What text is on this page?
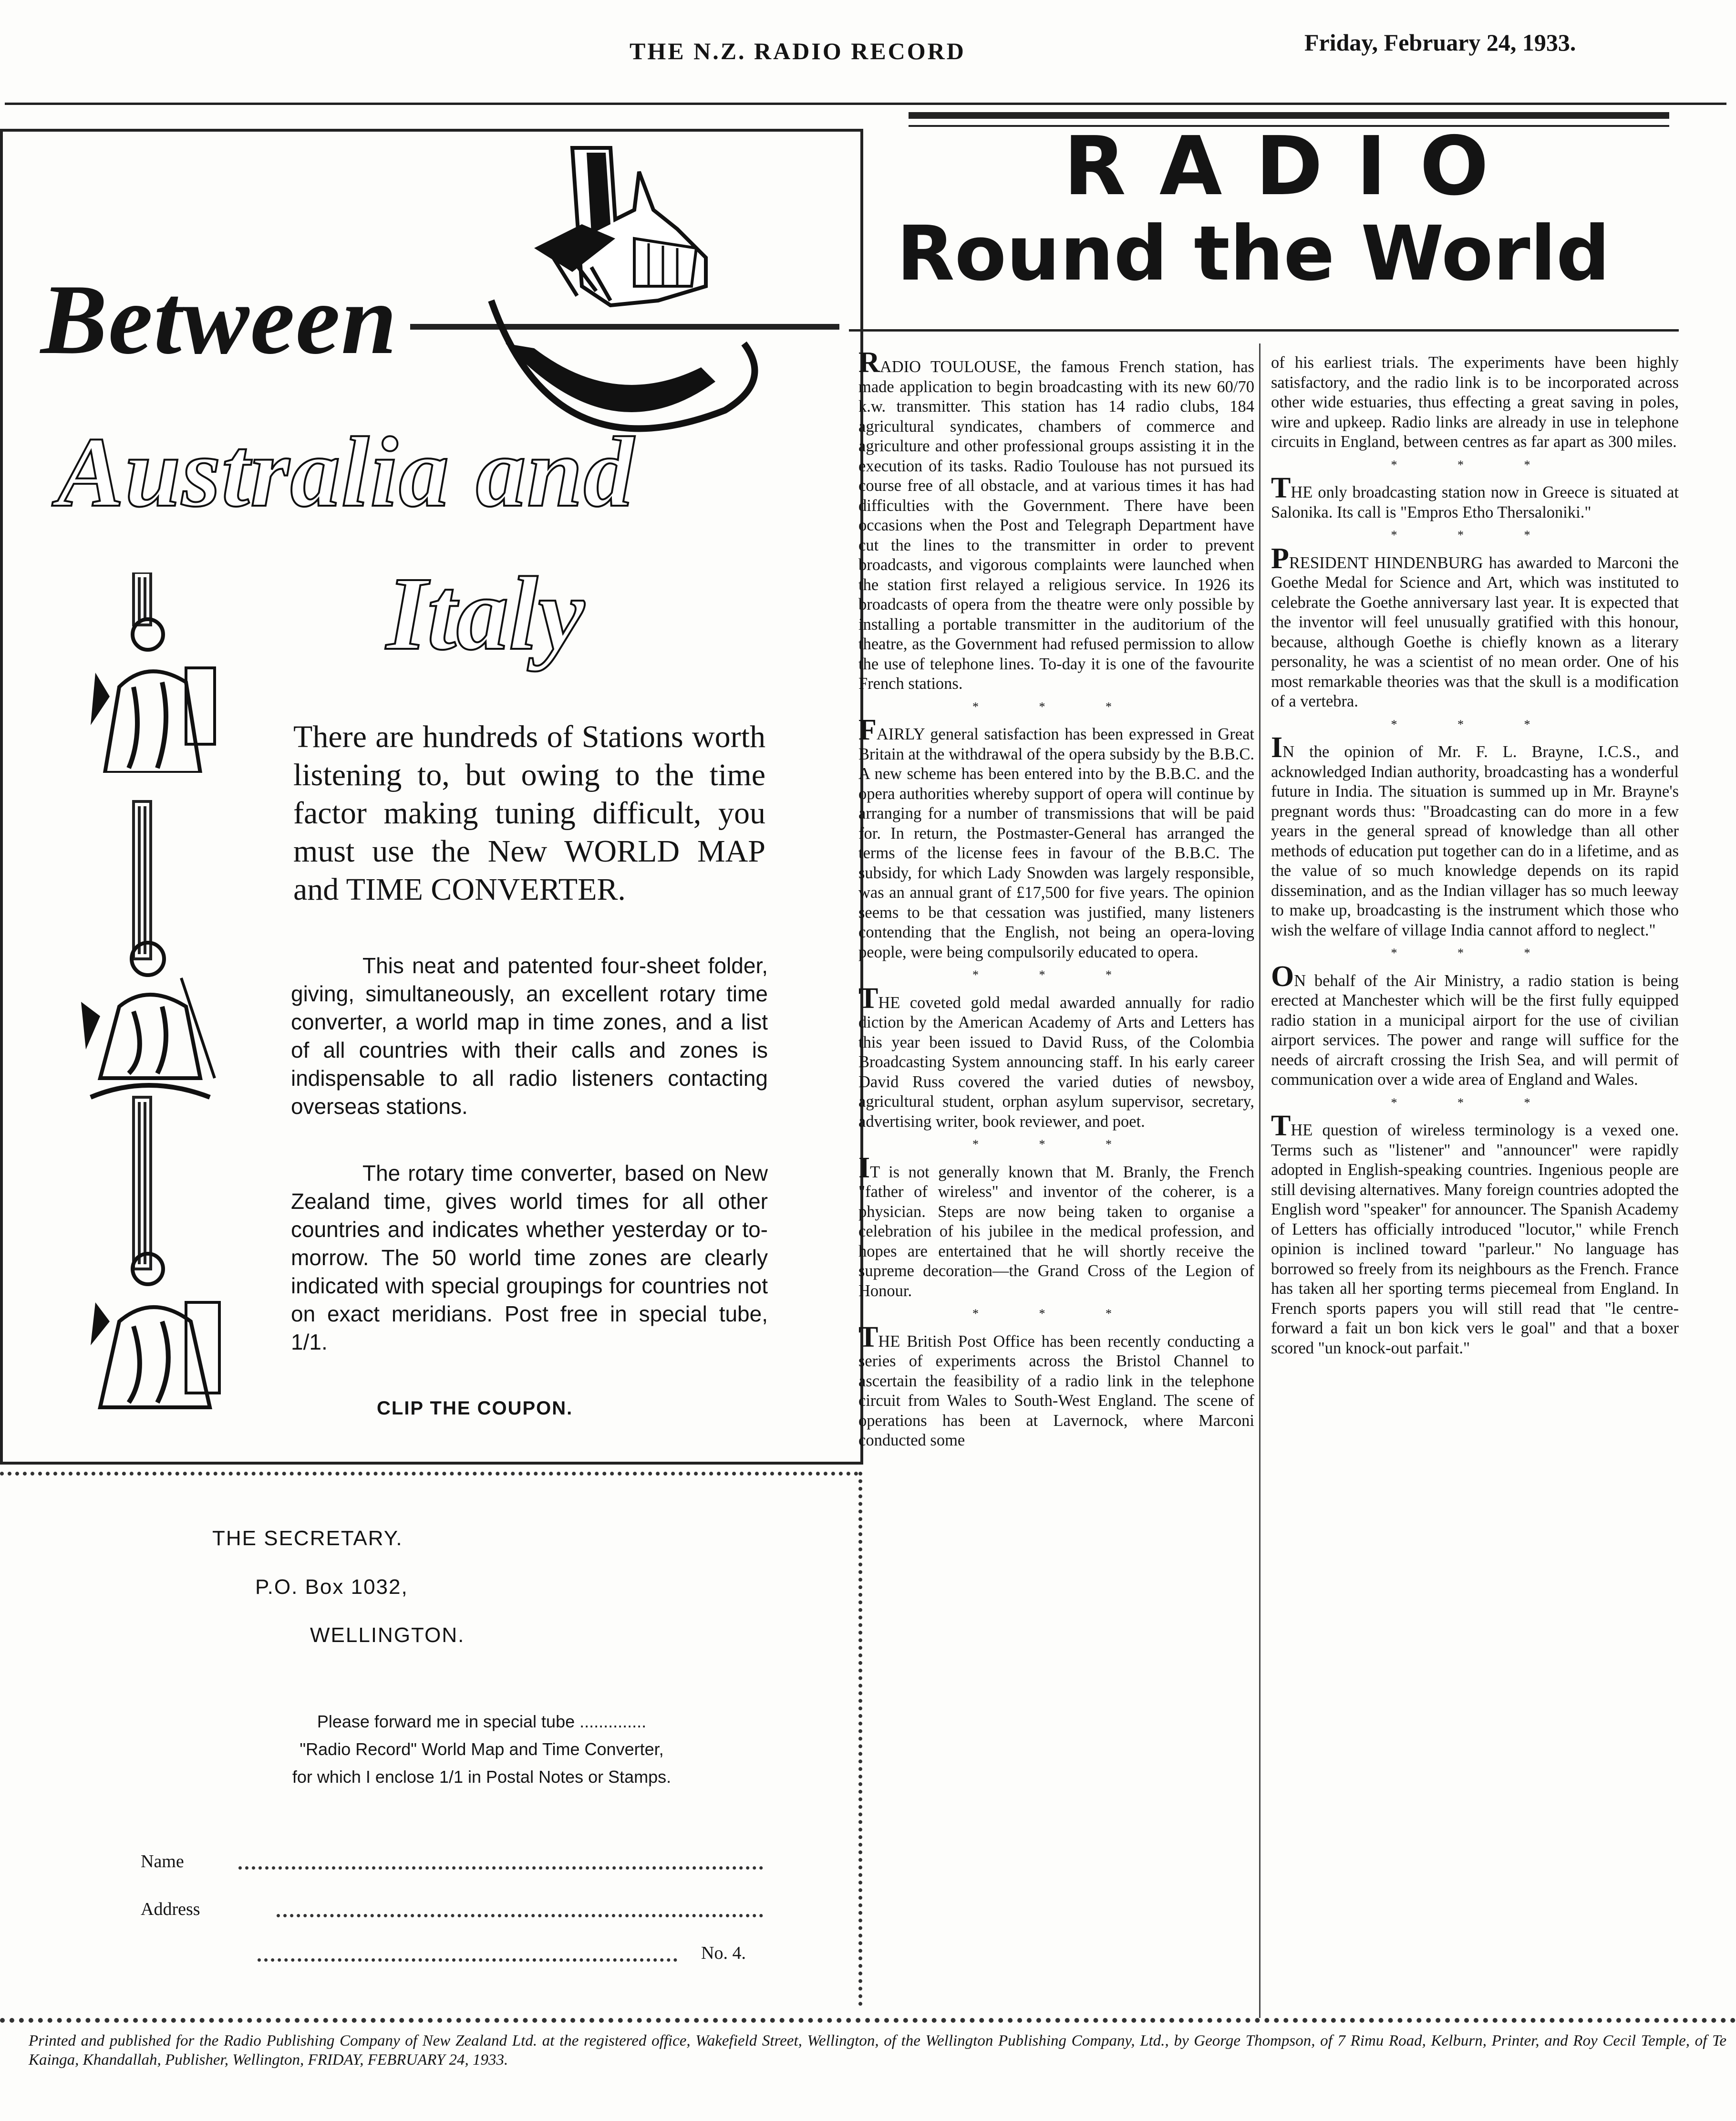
THE N.Z. RADIO RECORD	Friday, February 24, 1933.
Between
Australia and
Italy
There are hundreds of Stations worth listening to, but owing to the time factor making tuning difficult, you must use the New WORLD MAP and TIME CONVERTER.
This neat and patented four-sheet folder, giving, simultaneously, an excellent rotary time converter, a world map in time zones, and a list of all countries with their calls and zones is indispensable to all radio listeners contacting overseas stations.
The rotary time converter, based on New Zealand time, gives world times for all other countries and indicates whether yesterday or to-morrow. The 50 world time zones are clearly indicated with special groupings for countries not on exact meridians. Post free in special tube, 1/1.
CLIP THE COUPON.
THE SECRETARY.
P.O. Box 1032,
WELLINGTON.
Please forward me in special tube ..............
"Radio Record" World Map and Time Converter,
for which I enclose 1/1 in Postal Notes or Stamps.
Name
Address
No. 4.
RADIO
Round the World

RADIO TOULOUSE, the famous French station, has made application to begin broadcasting with its new 60/70 k.w. transmitter. This station has 14 radio clubs, 184 agricultural syndicates, chambers of commerce and agriculture and other professional groups assisting it in the execution of its tasks. Radio Toulouse has not pursued its course free of all obstacle, and at various times it has had difficulties with the Government. There have been occasions when the Post and Telegraph Department have cut the lines to the transmitter in order to prevent broadcasts, and vigorous complaints were launched when the station first relayed a religious service. In 1926 its broadcasts of opera from the theatre were only possible by installing a portable transmitter in the auditorium of the theatre, as the Government had refused permission to allow the use of telephone lines. To-day it is one of the favourite French stations.

* * *

FAIRLY general satisfaction has been expressed in Great Britain at the withdrawal of the opera subsidy by the B.B.C. A new scheme has been entered into by the B.B.C. and the opera authorities whereby support of opera will continue by arranging for a number of transmissions that will be paid for. In return, the Postmaster-General has arranged the terms of the license fees in favour of the B.B.C. The subsidy, for which Lady Snowden was largely responsible, was an annual grant of £17,500 for five years. The opinion seems to be that cessation was justified, many listeners contending that the English, not being an opera-loving people, were being compulsorily educated to opera.

* * *

THE coveted gold medal awarded annually for radio diction by the American Academy of Arts and Letters has this year been issued to David Russ, of the Colombia Broadcasting System announcing staff. In his early career David Russ covered the varied duties of newsboy, agricultural student, orphan asylum supervisor, secretary, advertising writer, book reviewer, and poet.

* * *

IT is not generally known that M. Branly, the French "father of wireless" and inventor of the coherer, is a physician. Steps are now being taken to organise a celebration of his jubilee in the medical profession, and hopes are entertained that he will shortly receive the supreme decoration—the Grand Cross of the Legion of Honour.

* * *

THE British Post Office has been recently conducting a series of experiments across the Bristol Channel to ascertain the feasibility of a radio link in the telephone circuit from Wales to South-West England. The scene of operations has been at Lavernock, where Marconi conducted some

of his earliest trials. The experiments have been highly satisfactory, and the radio link is to be incorporated across other wide estuaries, thus effecting a great saving in poles, wire and upkeep. Radio links are already in use in telephone circuits in England, between centres as far apart as 300 miles.

* * *

THE only broadcasting station now in Greece is situated at Salonika. Its call is "Empros Etho Thersaloniki."

* * *

PRESIDENT HINDENBURG has awarded to Marconi the Goethe Medal for Science and Art, which was instituted to celebrate the Goethe anniversary last year. It is expected that the inventor will feel unusually gratified with this honour, because, although Goethe is chiefly known as a literary personality, he was a scientist of no mean order. One of his most remarkable theories was that the skull is a modification of a vertebra.

* * *

IN the opinion of Mr. F. L. Brayne, I.C.S., and acknowledged Indian authority, broadcasting has a wonderful future in India. The situation is summed up in Mr. Brayne's pregnant words thus: "Broadcasting can do more in a few years in the general spread of knowledge than all other methods of education put together can do in a lifetime, and as the value of so much knowledge depends on its rapid dissemination, and as the Indian villager has so much leeway to make up, broadcasting is the instrument which those who wish the welfare of village India cannot afford to neglect."

* * *

ON behalf of the Air Ministry, a radio station is being erected at Manchester which will be the first fully equipped radio station in a municipal airport for the use of civilian airport services. The power and range will suffice for the needs of aircraft crossing the Irish Sea, and will permit of communication over a wide area of England and Wales.

* * *

THE question of wireless terminology is a vexed one. Terms such as "listener" and "announcer" were rapidly adopted in English-speaking countries. Ingenious people are still devising alternatives. Many foreign countries adopted the English word "speaker" for announcer. The Spanish Academy of Letters has officially introduced "locutor," while French opinion is inclined toward "parleur." No language has borrowed so freely from its neighbours as the French. France has taken all her sporting terms piecemeal from England. In French sports papers you will still read that "le centre-forward a fait un bon kick vers le goal" and that a boxer scored "un knock-out parfait."

Printed and published for the Radio Publishing Company of New Zealand Ltd. at the registered office, Wakefield Street, Wellington, of the Wellington Publishing Company, Ltd., by George Thompson, of 7 Rimu Road, Kelburn, Printer, and Roy Cecil Temple, of Te Kainga, Khandallah, Publisher, Wellington, FRIDAY, FEBRUARY 24, 1933.
